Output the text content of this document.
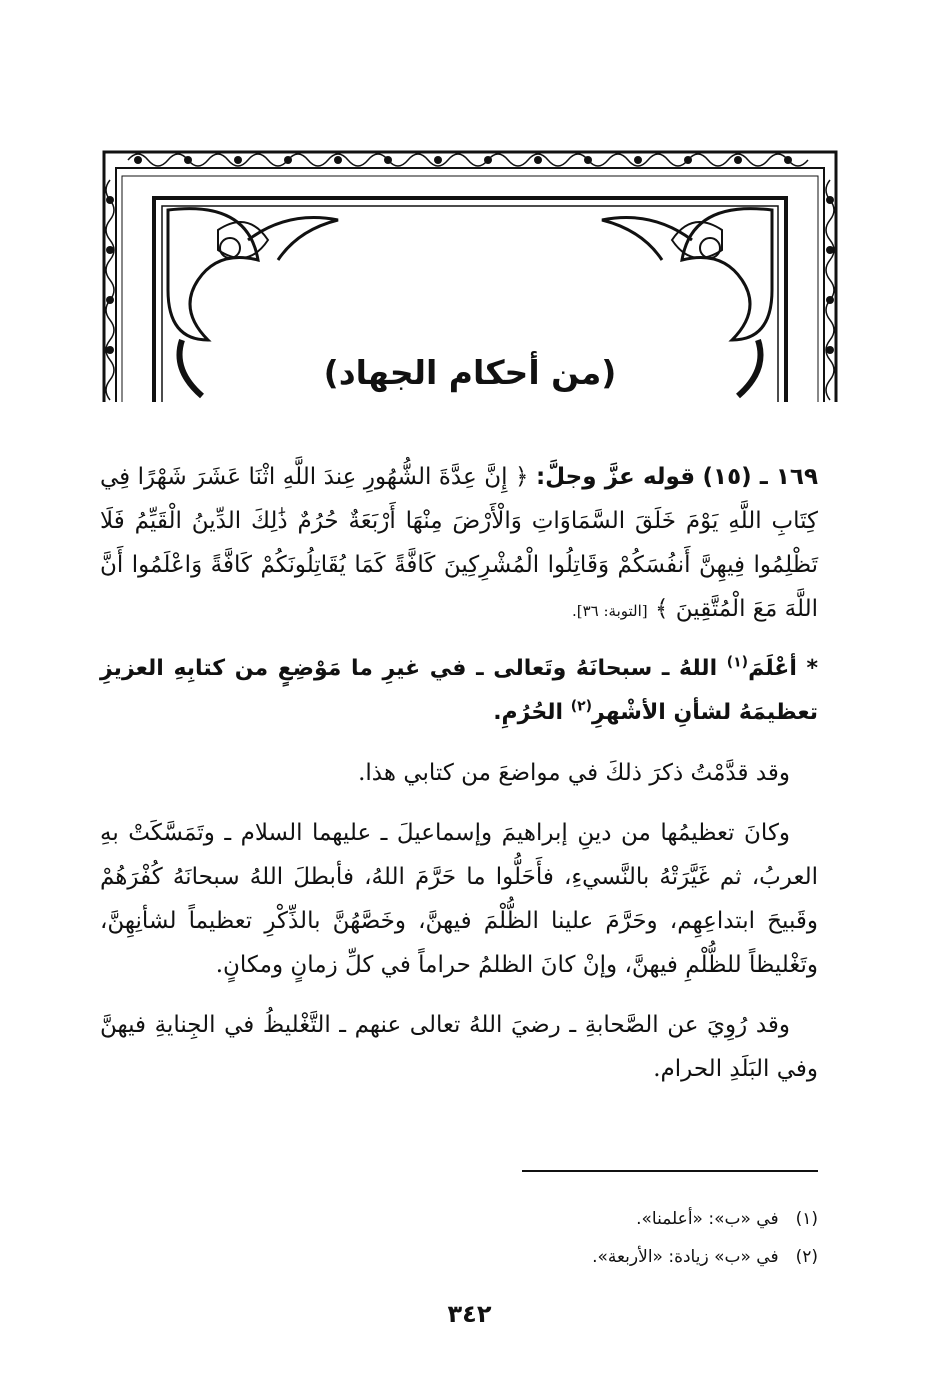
(من أحكام الجهاد)

١٦٩ ـ (١٥) قوله عزَّ وجلَّ: ﴿ إِنَّ عِدَّةَ الشُّهُورِ عِندَ اللَّهِ اثْنَا عَشَرَ شَهْرًا فِي كِتَابِ اللَّهِ يَوْمَ خَلَقَ السَّمَاوَاتِ وَالْأَرْضَ مِنْهَا أَرْبَعَةٌ حُرُمٌ ذَٰلِكَ الدِّينُ الْقَيِّمُ فَلَا تَظْلِمُوا فِيهِنَّ أَنفُسَكُمْ وَقَاتِلُوا الْمُشْرِكِينَ كَافَّةً كَمَا يُقَاتِلُونَكُمْ كَافَّةً وَاعْلَمُوا أَنَّ اللَّهَ مَعَ الْمُتَّقِينَ ﴾ [التوبة: ٣٦].

* أعْلَمَ$^{(١)}$ اللهُ ـ سبحانَهُ وتَعالى ـ في غيرِ ما مَوْضِعٍ من كتابِهِ العزيزِ تعظيمَهُ لشأنِ الأشْهرِ$^{(٢)}$ الحُرُمِ.

وقد قدَّمْتُ ذكرَ ذلكَ في مواضعَ من كتابي هذا.

وكانَ تعظيمُها من دينِ إبراهيمَ وإسماعيلَ ـ عليهما السلام ـ وتَمَسَّكَتْ بهِ العربُ، ثم غَيَّرَتْهُ بالنَّسيءِ، فأَحَلُّوا ما حَرَّمَ اللهُ، فأبطلَ اللهُ سبحانَهُ كُفْرَهُمْ وقَبيحَ ابتداعِهِم، وحَرَّمَ علينا الظُّلْمَ فيهنَّ، وخَصَّهُنَّ بالذِّكْرِ تعظيماً لشأنِهِنَّ، وتَغْليظاً للظُّلْمِ فيهنَّ، وإنْ كانَ الظلمُ حراماً في كلِّ زمانٍ ومكانٍ.

وقد رُوِيَ عن الصَّحابةِ ـ رضيَ اللهُ تعالى عنهم ـ التَّغْليظُ في الجِنايةِ فيهنَّ وفي البَلَدِ الحرام.

(١) في «ب»: «أعلمنا».
(٢) في «ب» زيادة: «الأربعة».
٣٤٢
